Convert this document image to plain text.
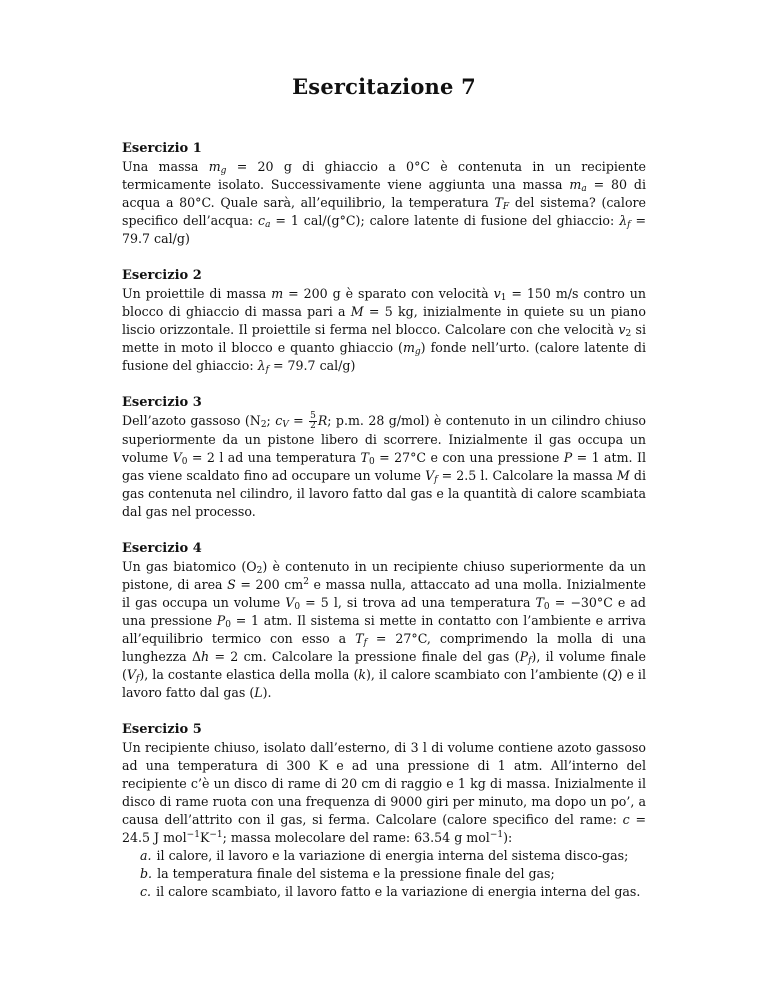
Esercitazione 7
Esercizio 1

Una massa $m_g = 20$ g di ghiaccio a 0°C è contenuta in un recipiente termicamente isolato. Successivamente viene aggiunta una massa $m_a = 80$ di acqua a 80°C. Quale sarà, all’equilibrio, la temperatura $T_F$ del sistema? (calore specifico dell’acqua: $c_a = 1$ cal/(g°C); calore latente di fusione del ghiaccio: $\lambda_f = 79.7$ cal/g)

Esercizio 2

Un proiettile di massa m = 200 g è sparato con velocità $v_1 = 150$ m/s contro un blocco di ghiaccio di massa pari a M = 5 kg, inizialmente in quiete su un piano liscio orizzontale. Il proiettile si ferma nel blocco. Calcolare con che velocità $v_2$ si mette in moto il blocco e quanto ghiaccio $(m_g)$ fonde nell’urto. (calore latente di fusione del ghiaccio: $\lambda_f = 79.7$ cal/g)

Esercizio 3

Dell’azoto gassoso ($N_2$; $c_V = \frac{5}{2} R$; p.m. 28 g/mol) è contenuto in un cilindro chiuso superiormente da un pistone libero di scorrere. Inizialmente il gas occupa un volume $V_0 = 2$ l ad una temperatura $T_0 = 27^\circ C$ e con una pressione P = 1 atm. Il gas viene scaldato fino ad occupare un volume $V_f = 2.5$ l. Calcolare la massa M di gas contenuta nel cilindro, il lavoro fatto dal gas e la quantità di calore scambiata dal gas nel processo.

Esercizio 4

Un gas biatomico $(O_2)$ è contenuto in un recipiente chiuso superiormente da un pistone, di area S = 200 $cm^2$ e massa nulla, attaccato ad una molla. Inizialmente il gas occupa un volume $V_0 = 5$ l, si trova ad una temperatura $T_0 = -30^\circ C$ e ad una pressione $P_0 = 1$ atm. Il sistema si mette in contatto con l’ambiente e arriva all’equilibrio termico con esso a $T_f = 27^\circ C$, comprimendo la molla di una lunghezza Δh = 2 cm. Calcolare la pressione finale del gas $(P_f)$, il volume finale $(V_f)$, la costante elastica della molla (k), il calore scambiato con l’ambiente (Q) e il lavoro fatto dal gas (L).

Esercizio 5

Un recipiente chiuso, isolato dall’esterno, di 3 l di volume contiene azoto gassoso ad una temperatura di 300 K e ad una pressione di 1 atm. All’interno del recipiente c’è un disco di rame di 20 cm di raggio e 1 kg di massa. Inizialmente il disco di rame ruota con una frequenza di 9000 giri per minuto, ma dopo un po’, a causa dell’attrito con il gas, si ferma. Calcolare (calore specifico del rame: c = 24.5 J $mol^{-1}K^{-1}$; massa molecolare del rame: 63.54 g mol$^{-1}$):

a. il calore, il lavoro e la variazione di energia interna del sistema disco-gas;
b. la temperatura finale del sistema e la pressione finale del gas;
c. il calore scambiato, il lavoro fatto e la variazione di energia interna del gas.
